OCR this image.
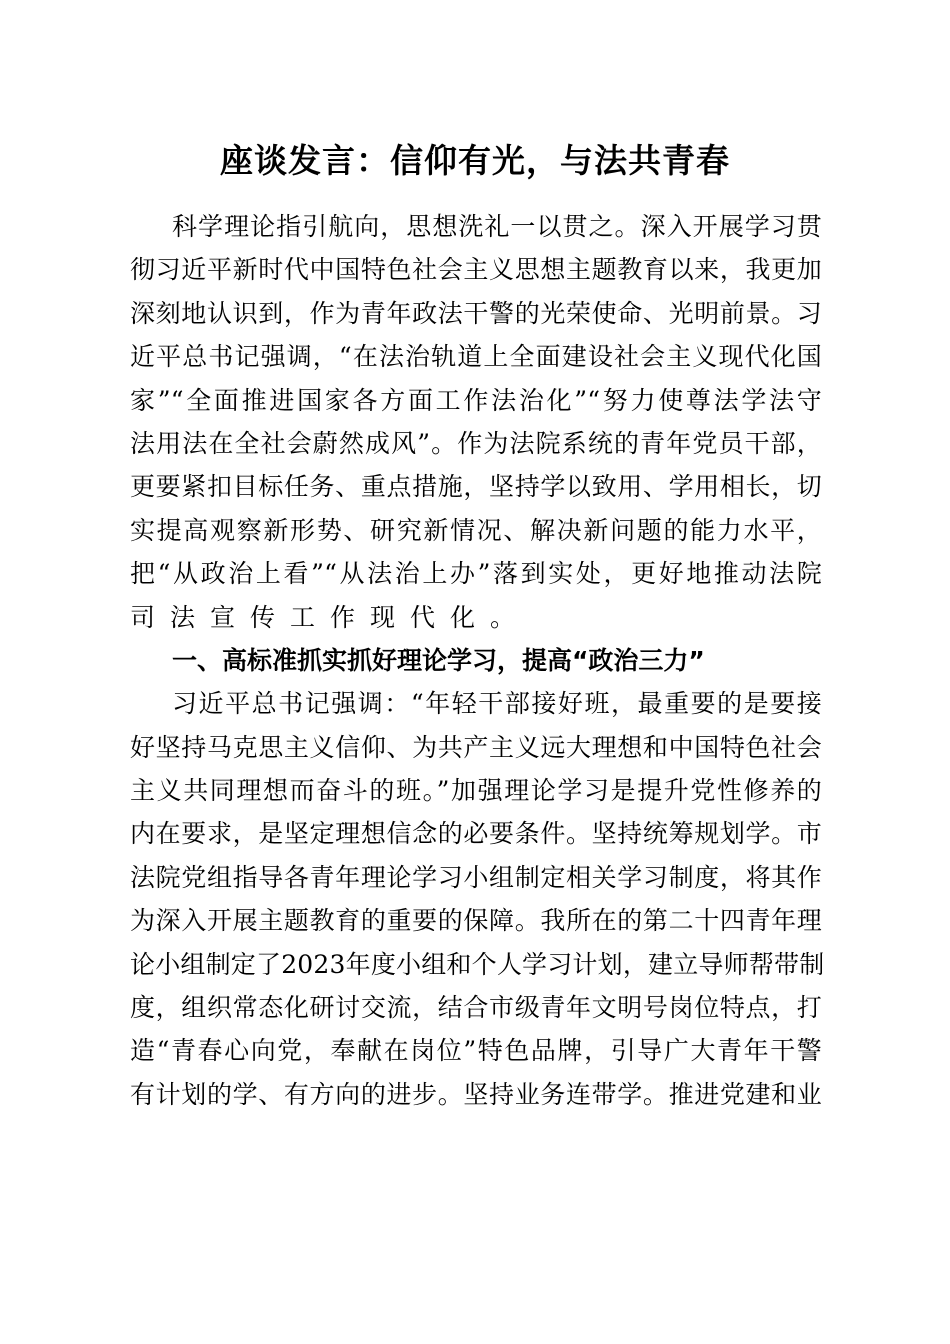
座谈发言：信仰有光，与法共青春
科学理论指引航向，思想洗礼一以贯之。深入开展学习贯
彻习近平新时代中国特色社会主义思想主题教育以来，我更加
深刻地认识到，作为青年政法干警的光荣使命、光明前景。习
近平总书记强调，“在法治轨道上全面建设社会主义现代化国
家”“全面推进国家各方面工作法治化”“努力使尊法学法守
法用法在全社会蔚然成风”。作为法院系统的青年党员干部，
更要紧扣目标任务、重点措施，坚持学以致用、学用相长，切
实提高观察新形势、研究新情况、解决新问题的能力水平，
把“从政治上看”“从法治上办”落到实处，更好地推动法院
司法宣传工作现代化。
一、高标准抓实抓好理论学习，提高“政治三力”
习近平总书记强调：“年轻干部接好班，最重要的是要接
好坚持马克思主义信仰、为共产主义远大理想和中国特色社会
主义共同理想而奋斗的班。”加强理论学习是提升党性修养的
内在要求，是坚定理想信念的必要条件。坚持统筹规划学。市
法院党组指导各青年理论学习小组制定相关学习制度，将其作
为深入开展主题教育的重要的保障。我所在的第二十四青年理
论小组制定了2023年度小组和个人学习计划，建立导师帮带制
度，组织常态化研讨交流，结合市级青年文明号岗位特点，打
造“青春心向党，奉献在岗位”特色品牌，引导广大青年干警
有计划的学、有方向的进步。坚持业务连带学。推进党建和业
